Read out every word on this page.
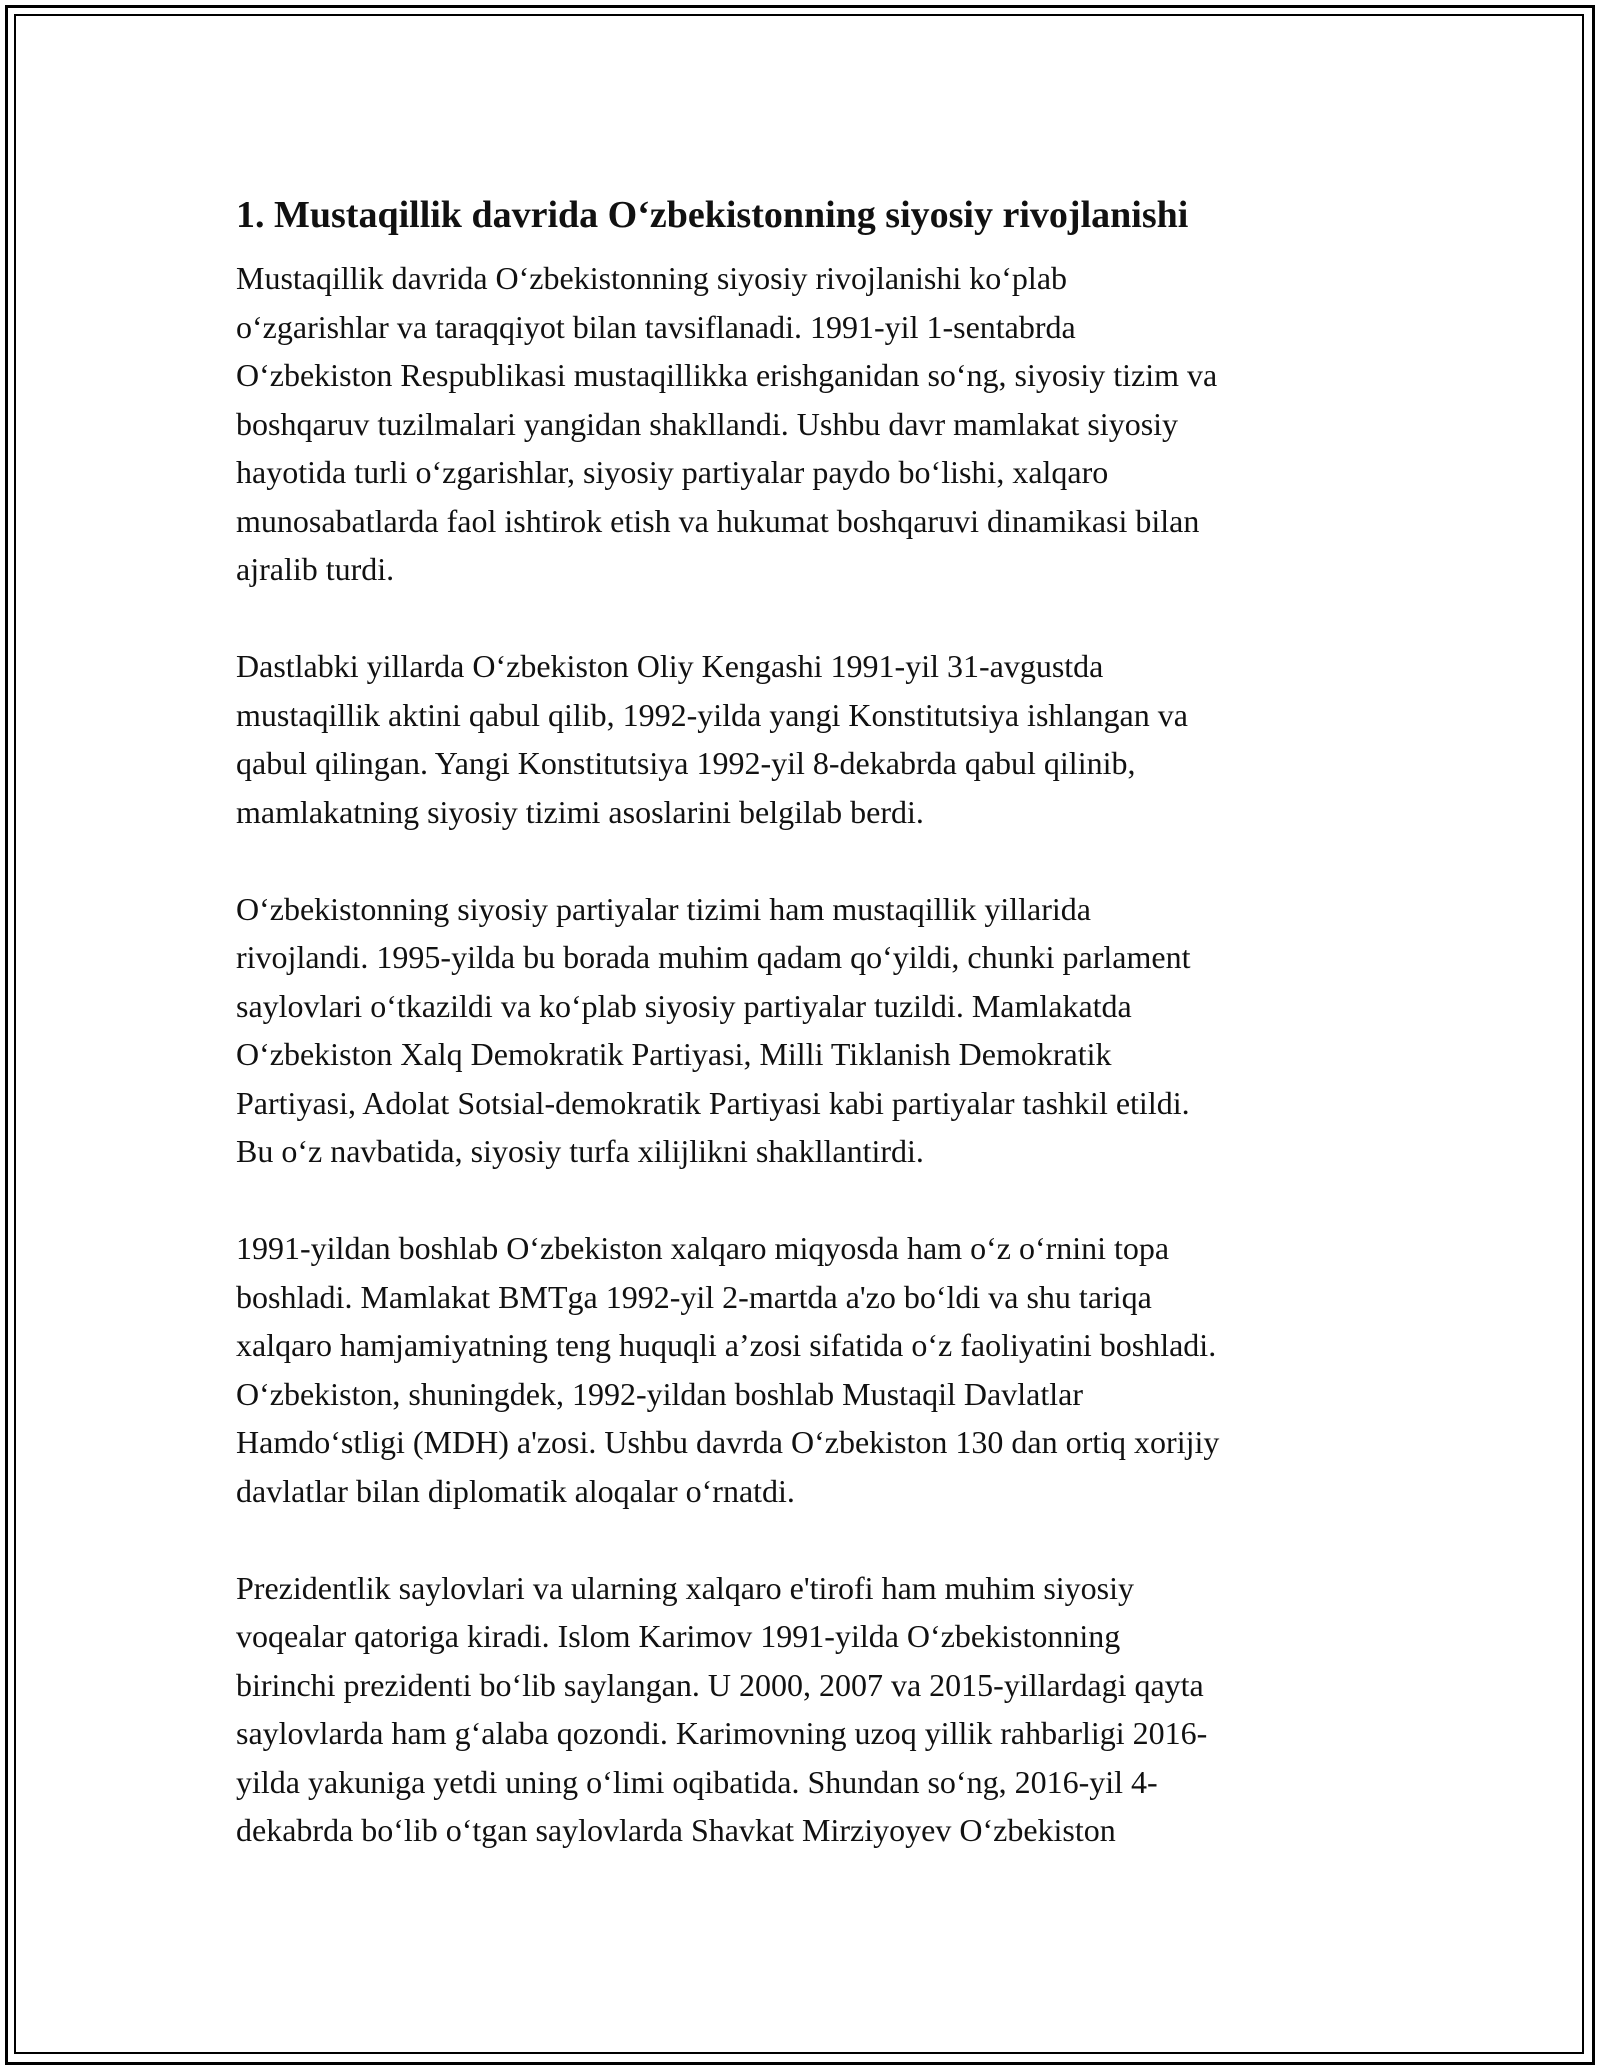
1. Mustaqillik davrida O‘zbekistonning siyosiy rivojlanishi

Mustaqillik davrida O‘zbekistonning siyosiy rivojlanishi ko‘plab
o‘zgarishlar va taraqqiyot bilan tavsiflanadi. 1991-yil 1-sentabrda
O‘zbekiston Respublikasi mustaqillikka erishganidan so‘ng, siyosiy tizim va
boshqaruv tuzilmalari yangidan shakllandi. Ushbu davr mamlakat siyosiy
hayotida turli o‘zgarishlar, siyosiy partiyalar paydo bo‘lishi, xalqaro
munosabatlarda faol ishtirok etish va hukumat boshqaruvi dinamikasi bilan
ajralib turdi.

Dastlabki yillarda O‘zbekiston Oliy Kengashi 1991-yil 31-avgustda
mustaqillik aktini qabul qilib, 1992-yilda yangi Konstitutsiya ishlangan va
qabul qilingan. Yangi Konstitutsiya 1992-yil 8-dekabrda qabul qilinib,
mamlakatning siyosiy tizimi asoslarini belgilab berdi.

O‘zbekistonning siyosiy partiyalar tizimi ham mustaqillik yillarida
rivojlandi. 1995-yilda bu borada muhim qadam qo‘yildi, chunki parlament
saylovlari o‘tkazildi va ko‘plab siyosiy partiyalar tuzildi. Mamlakatda
O‘zbekiston Xalq Demokratik Partiyasi, Milli Tiklanish Demokratik
Partiyasi, Adolat Sotsial-demokratik Partiyasi kabi partiyalar tashkil etildi.
Bu o‘z navbatida, siyosiy turfa xilijlikni shakllantirdi.

1991-yildan boshlab O‘zbekiston xalqaro miqyosda ham o‘z o‘rnini topa
boshladi. Mamlakat BMTga 1992-yil 2-martda a'zo bo‘ldi va shu tariqa
xalqaro hamjamiyatning teng huquqli a’zosi sifatida o‘z faoliyatini boshladi.
O‘zbekiston, shuningdek, 1992-yildan boshlab Mustaqil Davlatlar
Hamdo‘stligi (MDH) a'zosi. Ushbu davrda O‘zbekiston 130 dan ortiq xorijiy
davlatlar bilan diplomatik aloqalar o‘rnatdi.

Prezidentlik saylovlari va ularning xalqaro e'tirofi ham muhim siyosiy
voqealar qatoriga kiradi. Islom Karimov 1991-yilda O‘zbekistonning
birinchi prezidenti bo‘lib saylangan. U 2000, 2007 va 2015-yillardagi qayta
saylovlarda ham g‘alaba qozondi. Karimovning uzoq yillik rahbarligi 2016-
yilda yakuniga yetdi uning o‘limi oqibatida. Shundan so‘ng, 2016-yil 4-
dekabrda bo‘lib o‘tgan saylovlarda Shavkat Mirziyoyev O‘zbekiston
